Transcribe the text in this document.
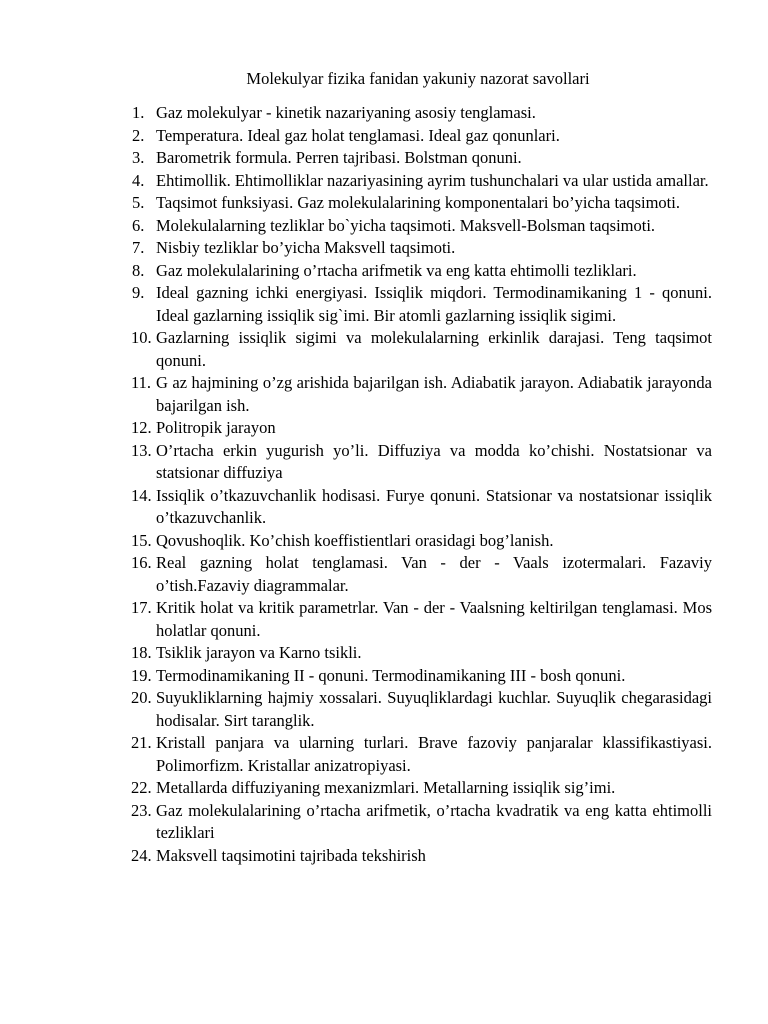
Molekulyar fizika fanidan yakuniy nazorat savollari
1. Gaz molekulyar - kinetik nazariyaning asosiy tenglamasi.
2. Temperatura. Ideal gaz holat tenglamasi. Ideal gaz qonunlari.
3. Barometrik formula. Perren tajribasi. Bolstman qonuni.
4. Ehtimollik. Ehtimolliklar nazariyasining ayrim tushunchalari va ular ustida amallar.
5. Taqsimot funksiyasi. Gaz molekulalarining komponentalari bo’yicha taqsimoti.
6. Molekulalarning tezliklar bo`yicha taqsimoti. Maksvell-Bolsman taqsimoti.
7. Nisbiy tezliklar bo’yicha Maksvell taqsimoti.
8. Gaz molekulalarining o’rtacha arifmetik va eng katta ehtimolli tezliklari.
9. Ideal gazning ichki energiyasi. Issiqlik miqdori. Termodinamikaning 1 - qonuni. Ideal gazlarning issiqlik sig`imi. Bir atomli gazlarning issiqlik sigimi.
10. Gazlarning issiqlik sigimi va molekulalarning erkinlik darajasi. Teng taqsimot qonuni.
11. G az hajmining o’zg arishida bajarilgan ish. Adiabatik jarayon. Adiabatik jarayonda bajarilgan ish.
12. Politropik jarayon
13. O’rtacha erkin yugurish yo’li. Diffuziya va modda ko’chishi. Nostatsionar va statsionar diffuziya
14. Issiqlik o’tkazuvchanlik hodisasi. Furye qonuni. Statsionar va nostatsionar issiqlik o’tkazuvchanlik.
15. Qovushoqlik. Ko’chish koeffistientlari orasidagi bog’lanish.
16. Real gazning holat tenglamasi. Van - der - Vaals izotermalari. Fazaviy o’tish.Fazaviy diagrammalar.
17. Kritik holat va kritik parametrlar. Van - der - Vaalsning keltirilgan tenglamasi. Mos holatlar qonuni.
18. Tsiklik jarayon va Karno tsikli.
19. Termodinamikaning II - qonuni. Termodinamikaning III - bosh qonuni.
20. Suyukliklarning hajmiy xossalari. Suyuqliklardagi kuchlar. Suyuqlik chegarasidagi hodisalar. Sirt taranglik.
21. Kristall panjara va ularning turlari. Brave fazoviy panjaralar klassifikastiyasi. Polimorfizm. Kristallar anizatropiyasi.
22. Metallarda diffuziyaning mexanizmlari. Metallarning issiqlik sig’imi.
23. Gaz molekulalarining o’rtacha arifmetik, o’rtacha kvadratik va eng katta ehtimolli tezliklari
24. Maksvell taqsimotini tajribada tekshirish
